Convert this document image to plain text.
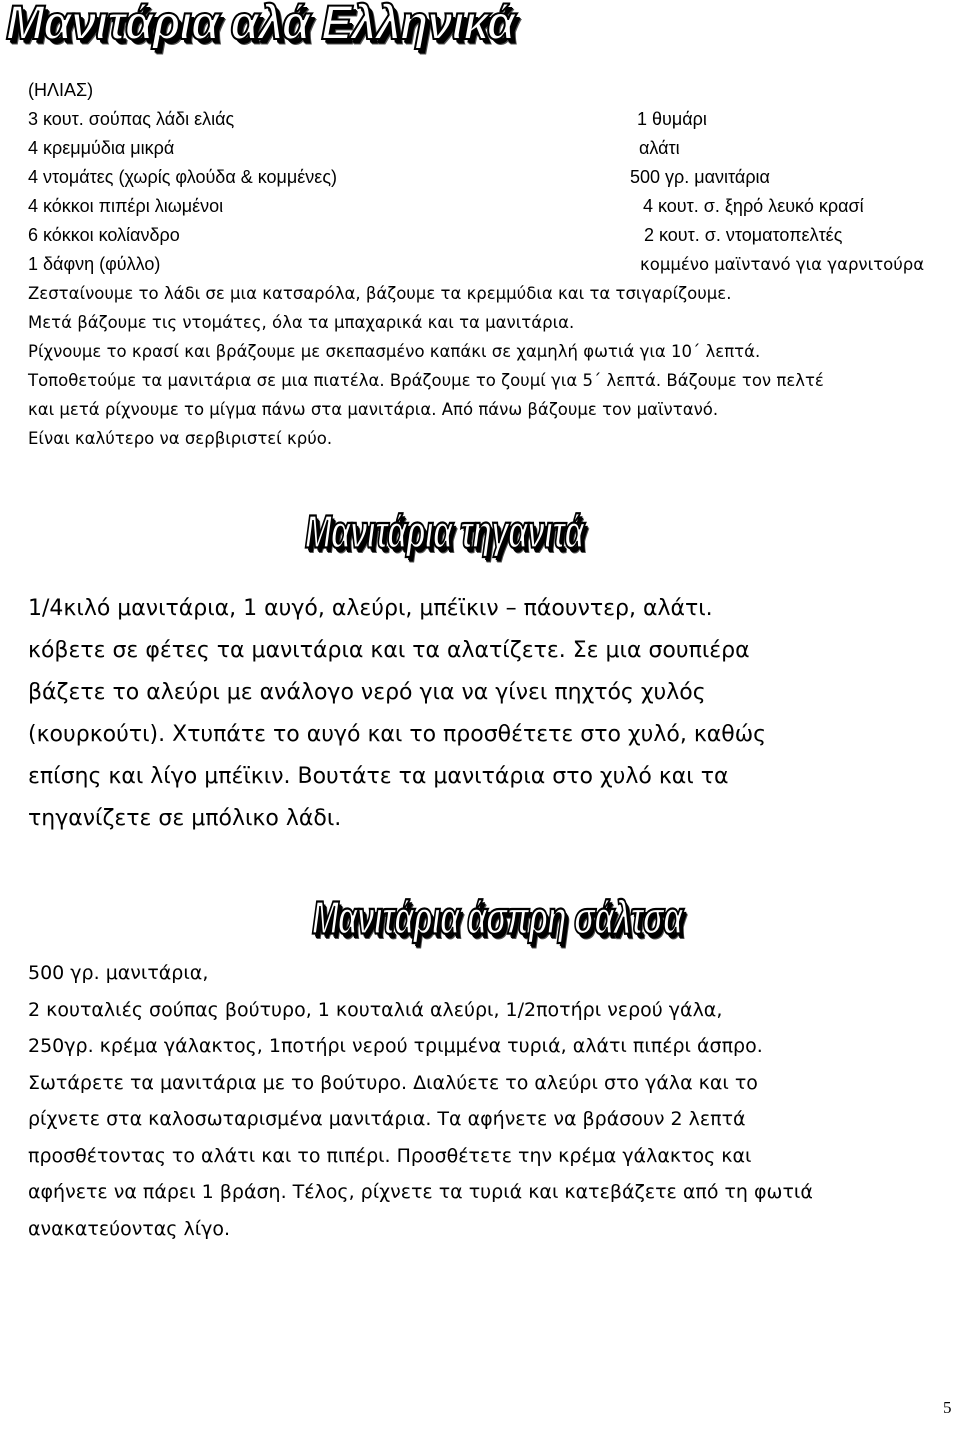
Μανιτάρια αλά Ελληνικά
(ΗΛΙΑΣ)
3 κουτ. σούπας λάδι ελιάς	1 θυμάρι
4 κρεμμύδια μικρά	αλάτι
4 ντομάτες (χωρίς φλούδα & κομμένες)	500 γρ. μανιτάρια
4 κόκκοι πιπέρι λιωμένοι	4 κουτ. σ. ξηρό λευκό κρασί
6 κόκκοι κολίανδρο	2 κουτ. σ. ντοματοπελτές
1 δάφνη (φύλλο)	κομμένο μαϊντανό για γαρνιτούρα
Ζεσταίνουμε το λάδι σε μια κατσαρόλα, βάζουμε τα κρεμμύδια και τα τσιγαρίζουμε.
Μετά βάζουμε τις ντομάτες, όλα τα μπαχαρικά και τα μανιτάρια.
Ρίχνουμε το κρασί και βράζουμε με σκεπασμένο καπάκι σε χαμηλή φωτιά για 10΄ λεπτά.
Τοποθετούμε τα μανιτάρια σε μια πιατέλα. Βράζουμε το ζουμί για 5΄ λεπτά. Βάζουμε τον πελτέ
και μετά ρίχνουμε το μίγμα πάνω στα μανιτάρια. Από πάνω βάζουμε τον μαϊντανό.
Είναι καλύτερο να σερβιριστεί κρύο.
Μανιτάρια τηγανιτά
1/4κιλό μανιτάρια, 1 αυγό, αλεύρι, μπέϊκιν – πάουντερ, αλάτι.
κόβετε σε φέτες τα μανιτάρια και τα αλατίζετε. Σε μια σουπιέρα
βάζετε το αλεύρι με ανάλογο νερό για να γίνει πηχτός χυλός
(κουρκούτι). Χτυπάτε το αυγό και το προσθέτετε στο χυλό, καθώς
επίσης και λίγο μπέϊκιν. Βουτάτε τα μανιτάρια στο χυλό και τα
τηγανίζετε σε μπόλικο λάδι.
Μανιτάρια άσπρη σάλτσα
500 γρ. μανιτάρια,
2 κουταλιές σούπας βούτυρο, 1 κουταλιά αλεύρι, 1/2ποτήρι νερού γάλα,
250γρ. κρέμα γάλακτος, 1ποτήρι νερού τριμμένα τυριά, αλάτι πιπέρι άσπρο.
Σωτάρετε τα μανιτάρια με το βούτυρο. Διαλύετε το αλεύρι στο γάλα και το
ρίχνετε στα καλοσωταρισμένα μανιτάρια. Τα αφήνετε να βράσουν 2 λεπτά
προσθέτοντας το αλάτι και το πιπέρι. Προσθέτετε την κρέμα γάλακτος και
αφήνετε να πάρει 1 βράση. Τέλος, ρίχνετε τα τυριά και κατεβάζετε από τη φωτιά
ανακατεύοντας λίγο.
5
